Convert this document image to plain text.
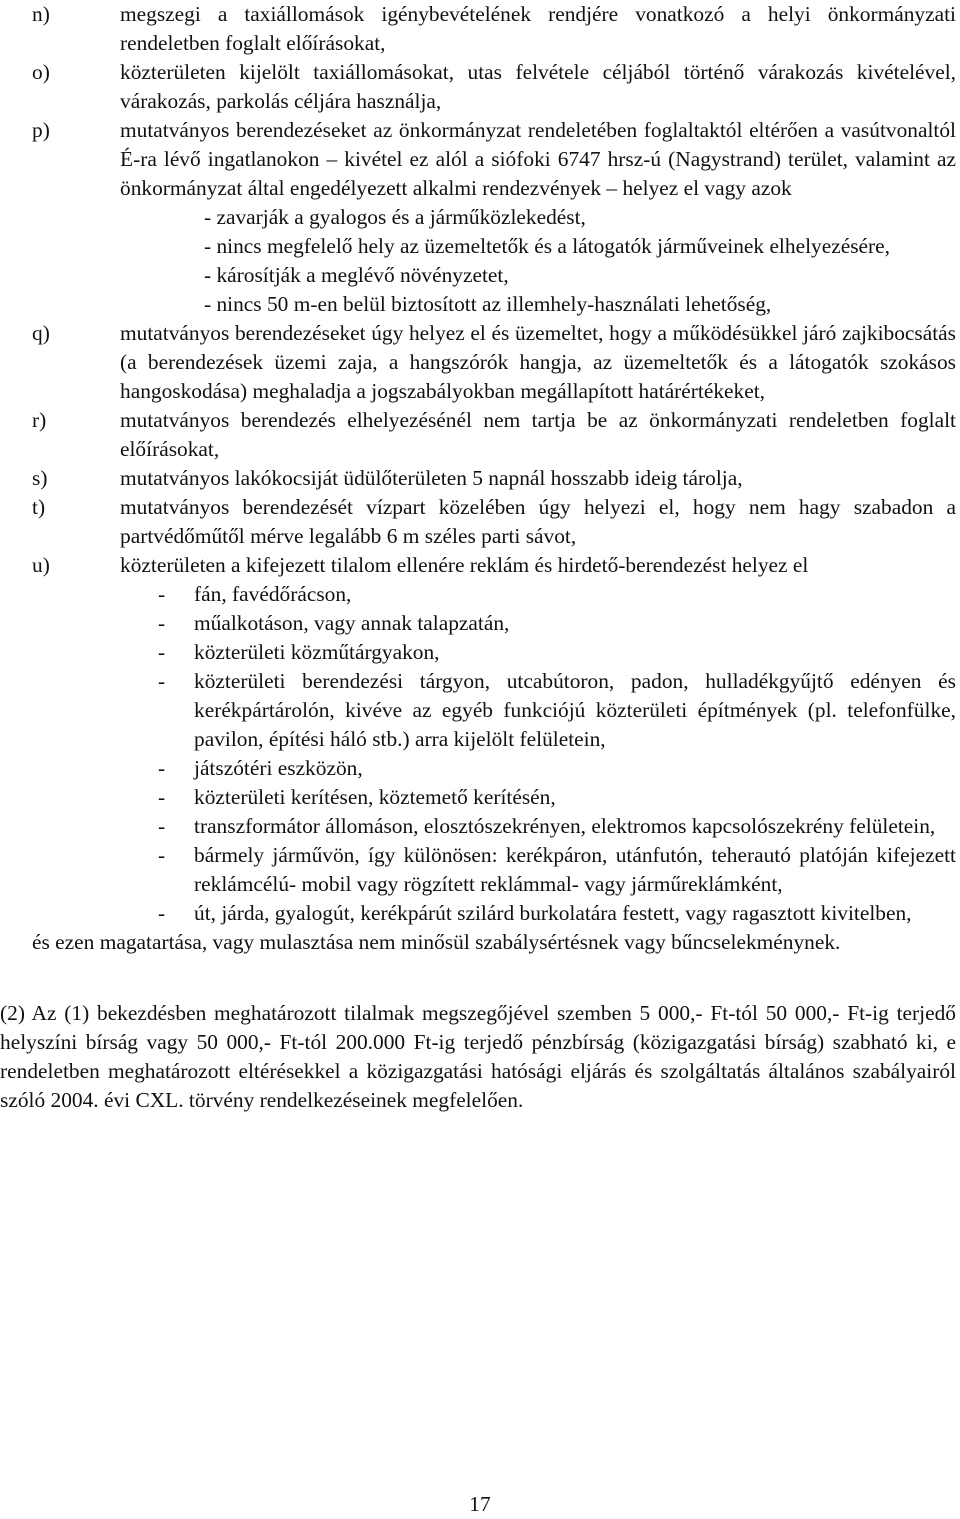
n)	megszegi a taxiállomások igénybevételének rendjére vonatkozó a helyi önkormányzati rendeletben foglalt előírásokat,
o)	közterületen kijelölt taxiállomásokat, utas felvétele céljából történő várakozás kivételével, várakozás, parkolás céljára használja,
p)	mutatványos berendezéseket az önkormányzat rendeletében foglaltaktól eltérően a vasútvonaltól É-ra lévő ingatlanokon – kivétel ez alól a siófoki 6747 hrsz-ú (Nagystrand) terület, valamint az önkormányzat által engedélyezett alkalmi rendezvények – helyez el vagy azok
- zavarják a gyalogos és a járműközlekedést,
- nincs megfelelő hely az üzemeltetők és a látogatók járműveinek elhelyezésére,
- károsítják a meglévő növényzetet,
- nincs 50 m-en belül biztosított az illemhely-használati lehetőség,
q)	mutatványos berendezéseket úgy helyez el és üzemeltet, hogy a működésükkel járó zajkibocsátás (a berendezések üzemi zaja, a hangszórók hangja, az üzemeltetők és a látogatók szokásos hangoskodása) meghaladja a jogszabályokban megállapított határértékeket,
r)	mutatványos berendezés elhelyezésénél nem tartja be az önkormányzati rendeletben foglalt előírásokat,
s)	mutatványos lakókocsiját üdülőterületen 5 napnál hosszabb ideig tárolja,
t)	mutatványos berendezését vízpart közelében úgy helyezi el, hogy nem hagy szabadon a partvédőműtől mérve legalább 6 m széles parti sávot,
u)	közterületen a kifejezett tilalom ellenére reklám és hirdető-berendezést helyez el
- fán, favédőrácson,
- műalkotáson, vagy annak talapzatán,
- közterületi közműtárgyakon,
- közterületi berendezési tárgyon, utcabútoron, padon, hulladékgyűjtő edényen és kerékpártárolón, kivéve az egyéb funkciójú közterületi építmények (pl. telefonfülke, pavilon, építési háló stb.) arra kijelölt felületein,
- játszótéri eszközön,
- közterületi kerítésen, köztemető kerítésén,
- transzformátor állomáson, elosztószekrényen, elektromos kapcsolószekrény felületein,
- bármely járművön, így különösen: kerékpáron, utánfutón, teherautó platóján kifejezett reklámcélú- mobil vagy rögzített reklámmal- vagy járműreklámként,
- út, járda, gyalogút, kerékpárút szilárd burkolatára festett, vagy ragasztott kivitelben,
és ezen magatartása, vagy mulasztása nem minősül szabálysértésnek vagy bűncselekménynek.
(2) Az (1) bekezdésben meghatározott tilalmak megszegőjével szemben 5 000,- Ft-tól 50 000,- Ft-ig terjedő helyszíni bírság vagy 50 000,- Ft-tól 200.000 Ft-ig terjedő pénzbírság (közigazgatási bírság) szabható ki, e rendeletben meghatározott eltérésekkel a közigazgatási hatósági eljárás és szolgáltatás általános szabályairól szóló 2004. évi CXL. törvény rendelkezéseinek megfelelően.
17
